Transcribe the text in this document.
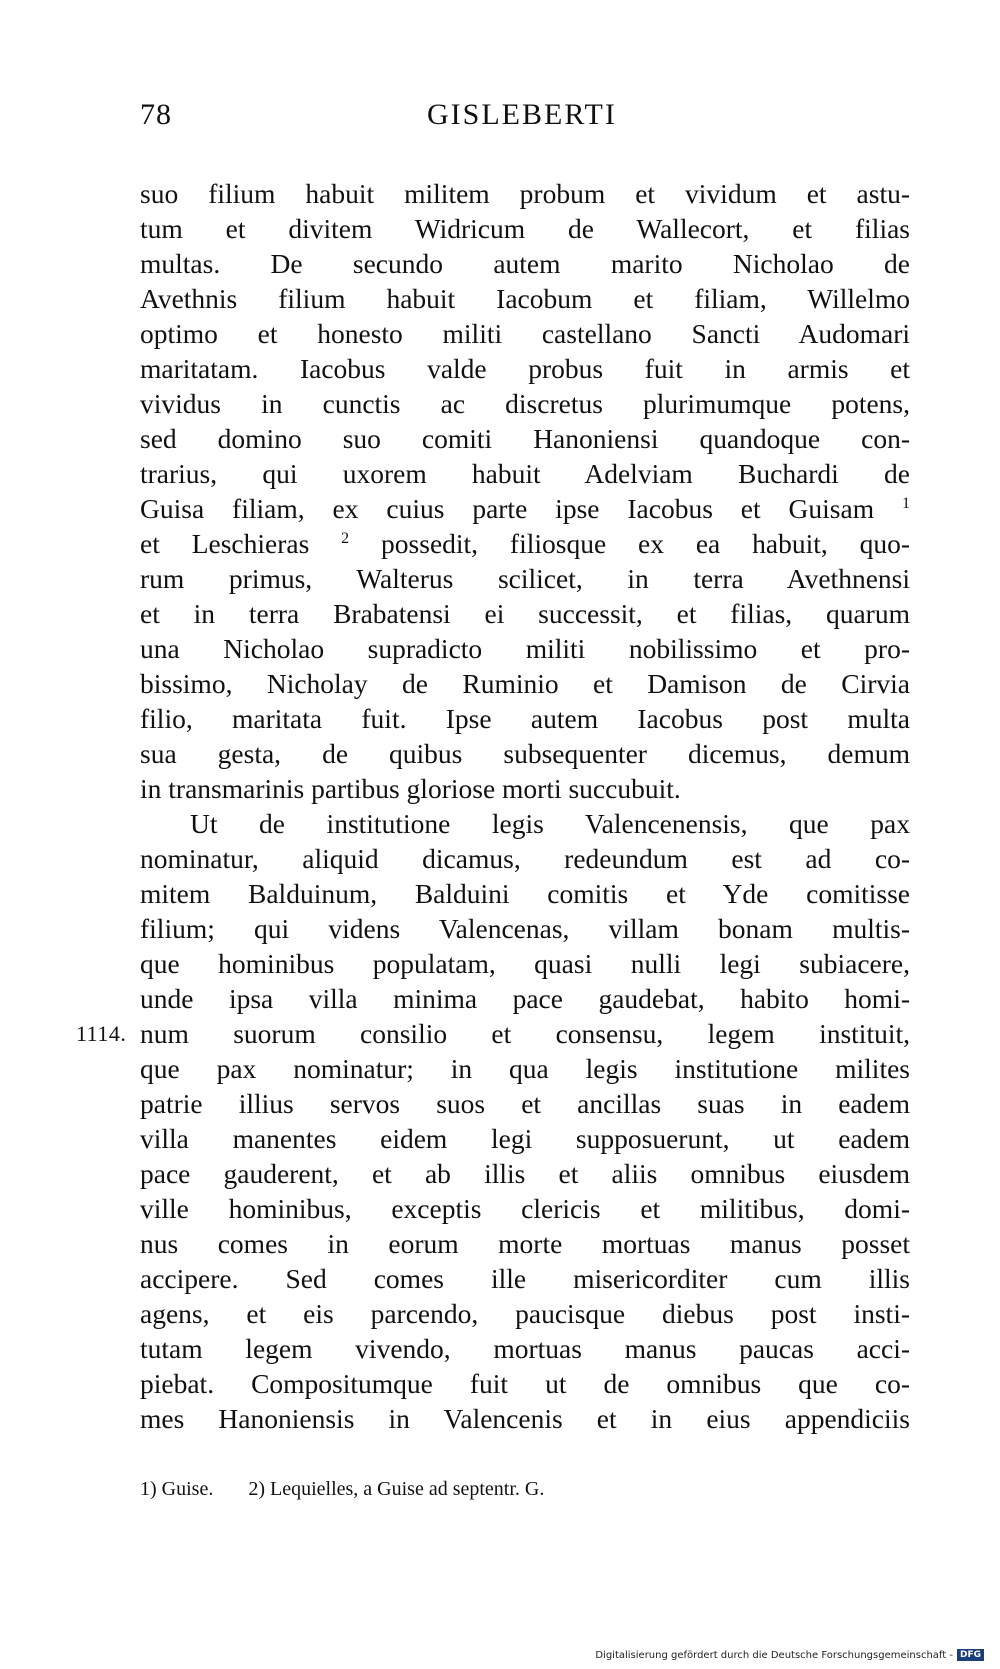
78	GISLEBERTI
suo filium habuit militem probum et vividum et astu-
tum et divitem Widricum de Wallecort, et filias
multas. De secundo autem marito Nicholao de
Avethnis filium habuit Iacobum et filiam, Willelmo
optimo et honesto militi castellano Sancti Audomari
maritatam. Iacobus valde probus fuit in armis et
vividus in cunctis ac discretus plurimumque potens,
sed domino suo comiti Hanoniensi quandoque con-
trarius, qui uxorem habuit Adelviam Buchardi de
Guisa filiam, ex cuius parte ipse Iacobus et Guisam $^1$
et Leschieras $^2$ possedit, filiosque ex ea habuit, quo-
rum primus, Walterus scilicet, in terra Avethnensi
et in terra Brabatensi ei successit, et filias, quarum
una Nicholao supradicto militi nobilissimo et pro-
bissimo, Nicholay de Ruminio et Damison de Cirvia
filio, maritata fuit. Ipse autem Iacobus post multa
sua gesta, de quibus subsequenter dicemus, demum
in transmarinis partibus gloriose morti succubuit.
Ut de institutione legis Valencenensis, que pax
nominatur, aliquid dicamus, redeundum est ad co-
mitem Balduinum, Balduini comitis et Yde comitisse
filium; qui videns Valencenas, villam bonam multis-
que hominibus populatam, quasi nulli legi subiacere,
unde ipsa villa minima pace gaudebat, habito homi-
1114. num suorum consilio et consensu, legem instituit,
que pax nominatur; in qua legis institutione milites
patrie illius servos suos et ancillas suas in eadem
villa manentes eidem legi supposuerunt, ut eadem
pace gauderent, et ab illis et aliis omnibus eiusdem
ville hominibus, exceptis clericis et militibus, domi-
nus comes in eorum morte mortuas manus posset
accipere. Sed comes ille misericorditer cum illis
agens, et eis parcendo, paucisque diebus post insti-
tutam legem vivendo, mortuas manus paucas acci-
piebat. Compositumque fuit ut de omnibus que co-
mes Hanoniensis in Valencenis et in eius appendiciis
1) Guise. 2) Lequielles, a Guise ad septentr. G.
Digitalisierung gefördert durch die Deutsche Forschungsgemeinschaft - DFG
